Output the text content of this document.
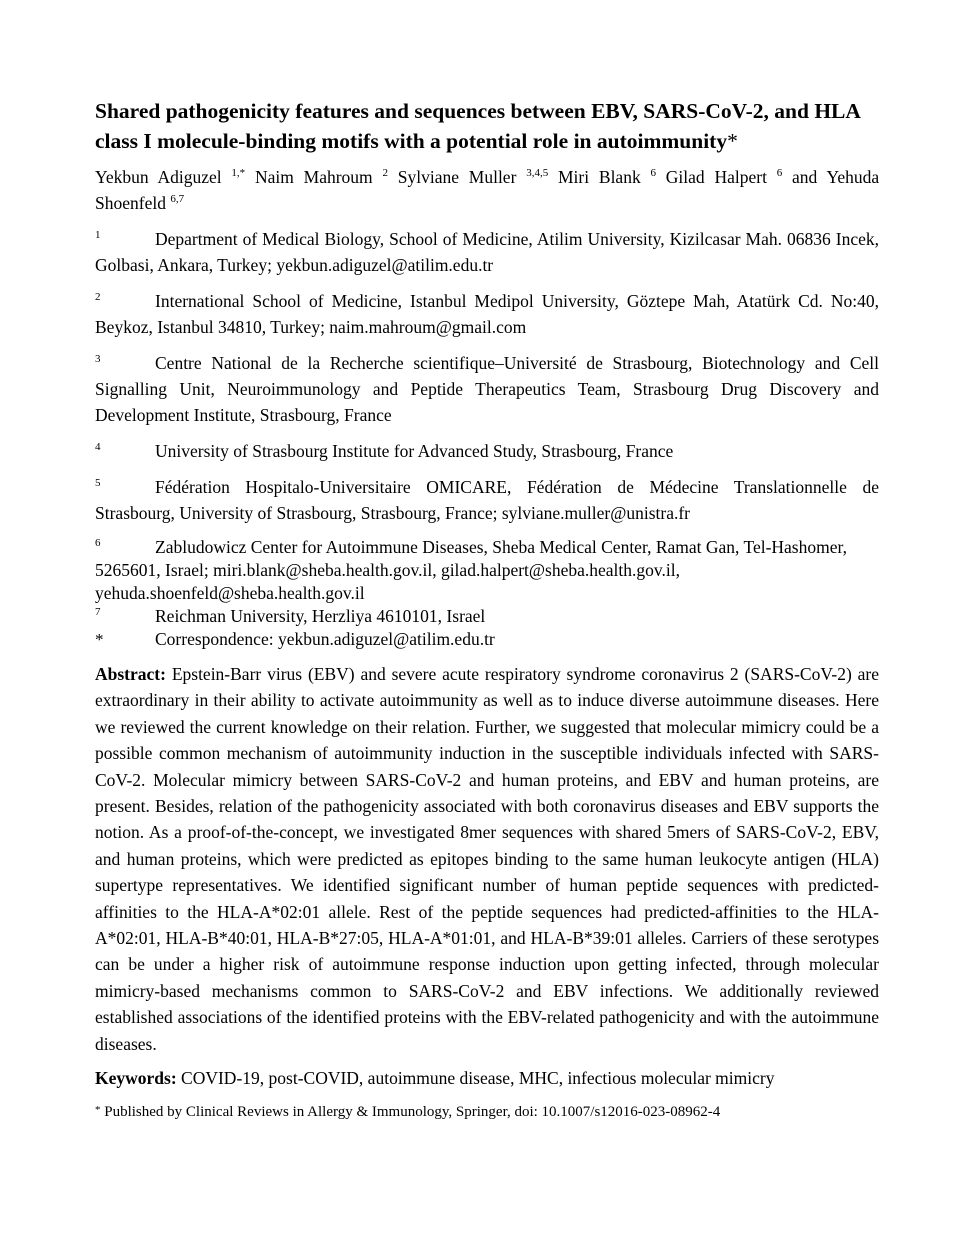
Shared pathogenicity features and sequences between EBV, SARS-CoV-2, and HLA class I molecule-binding motifs with a potential role in autoimmunity*

Yekbun Adiguzel $^{1,*}$ Naim Mahroum $^2$ Sylviane Muller $^{3,4,5}$ Miri Blank $^6$ Gilad Halpert $^6$ and Yehuda Shoenfeld $^{6,7}$

1	Department of Medical Biology, School of Medicine, Atilim University, Kizilcasar Mah. 06836 Incek, Golbasi, Ankara, Turkey; yekbun.adiguzel@atilim.edu.tr

2	International School of Medicine, Istanbul Medipol University, Göztepe Mah, Atatürk Cd. No:40, Beykoz, Istanbul 34810, Turkey; naim.mahroum@gmail.com

3	Centre National de la Recherche scientifique–Université de Strasbourg, Biotechnology and Cell Signalling Unit, Neuroimmunology and Peptide Therapeutics Team, Strasbourg Drug Discovery and Development Institute, Strasbourg, France

4	University of Strasbourg Institute for Advanced Study, Strasbourg, France

5	Fédération Hospitalo-Universitaire OMICARE, Fédération de Médecine Translationnelle de Strasbourg, University of Strasbourg, Strasbourg, France; sylviane.muller@unistra.fr

6	Zabludowicz Center for Autoimmune Diseases, Sheba Medical Center, Ramat Gan, Tel-Hashomer, 5265601, Israel; miri.blank@sheba.health.gov.il, gilad.halpert@sheba.health.gov.il, yehuda.shoenfeld@sheba.health.gov.il

7	Reichman University, Herzliya 4610101, Israel

*	Correspondence: yekbun.adiguzel@atilim.edu.tr

Abstract: Epstein-Barr virus (EBV) and severe acute respiratory syndrome coronavirus 2 (SARS-CoV-2) are extraordinary in their ability to activate autoimmunity as well as to induce diverse autoimmune diseases. Here we reviewed the current knowledge on their relation. Further, we suggested that molecular mimicry could be a possible common mechanism of autoimmunity induction in the susceptible individuals infected with SARS-CoV-2. Molecular mimicry between SARS-CoV-2 and human proteins, and EBV and human proteins, are present. Besides, relation of the pathogenicity associated with both coronavirus diseases and EBV supports the notion. As a proof-of-the-concept, we investigated 8mer sequences with shared 5mers of SARS-CoV-2, EBV, and human proteins, which were predicted as epitopes binding to the same human leukocyte antigen (HLA) supertype representatives. We identified significant number of human peptide sequences with predicted-affinities to the HLA-A*02:01 allele. Rest of the peptide sequences had predicted-affinities to the HLA-A*02:01, HLA-B*40:01, HLA-B*27:05, HLA-A*01:01, and HLA-B*39:01 alleles. Carriers of these serotypes can be under a higher risk of autoimmune response induction upon getting infected, through molecular mimicry-based mechanisms common to SARS-CoV-2 and EBV infections. We additionally reviewed established associations of the identified proteins with the EBV-related pathogenicity and with the autoimmune diseases.

Keywords: COVID-19, post-COVID, autoimmune disease, MHC, infectious molecular mimicry

* Published by Clinical Reviews in Allergy & Immunology, Springer, doi: 10.1007/s12016-023-08962-4
